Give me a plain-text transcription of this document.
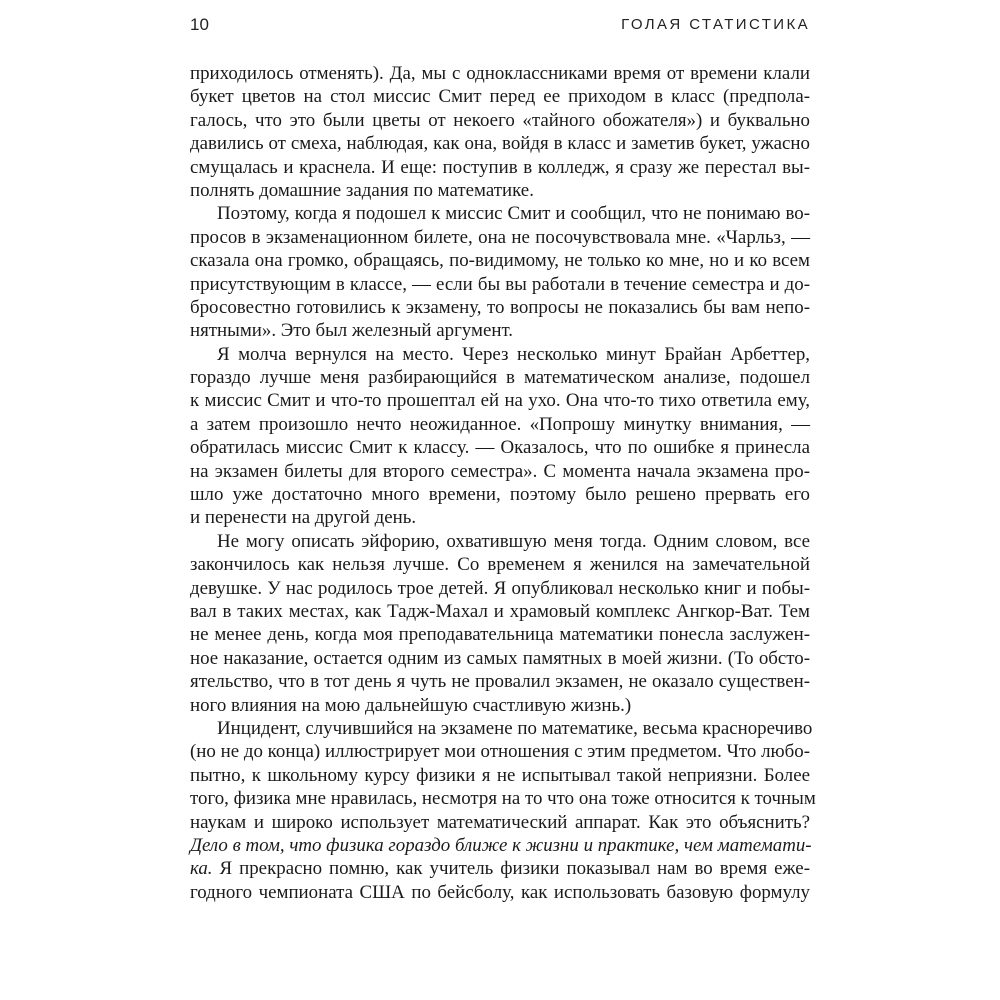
10	ГОЛАЯ СТАТИСТИКА
приходилось отменять). Да, мы с одноклассниками время от времени клали
букет цветов на стол миссис Смит перед ее приходом в класс (предпола-
галось, что это были цветы от некоего «тайного обожателя») и буквально
давились от смеха, наблюдая, как она, войдя в класс и заметив букет, ужасно
смущалась и краснела. И еще: поступив в колледж, я сразу же перестал вы-
полнять домашние задания по математике.
Поэтому, когда я подошел к миссис Смит и сообщил, что не понимаю во-
просов в экзаменационном билете, она не посочувствовала мне. «Чарльз, —
сказала она громко, обращаясь, по-видимому, не только ко мне, но и ко всем
присутствующим в классе, — если бы вы работали в течение семестра и до-
бросовестно готовились к экзамену, то вопросы не показались бы вам непо-
нятными». Это был железный аргумент.
Я молча вернулся на место. Через несколько минут Брайан Арбеттер,
гораздо лучше меня разбирающийся в математическом анализе, подошел
к миссис Смит и что-то прошептал ей на ухо. Она что-то тихо ответила ему,
а затем произошло нечто неожиданное. «Попрошу минутку внимания, —
обратилась миссис Смит к классу. — Оказалось, что по ошибке я принесла
на экзамен билеты для второго семестра». С момента начала экзамена про-
шло уже достаточно много времени, поэтому было решено прервать его
и перенести на другой день.
Не могу описать эйфорию, охватившую меня тогда. Одним словом, все
закончилось как нельзя лучше. Со временем я женился на замечательной
девушке. У нас родилось трое детей. Я опубликовал несколько книг и побы-
вал в таких местах, как Тадж-Махал и храмовый комплекс Ангкор-Ват. Тем
не менее день, когда моя преподавательница математики понесла заслужен-
ное наказание, остается одним из самых памятных в моей жизни. (То обсто-
ятельство, что в тот день я чуть не провалил экзамен, не оказало существен-
ного влияния на мою дальнейшую счастливую жизнь.)
Инцидент, случившийся на экзамене по математике, весьма красноречиво
(но не до конца) иллюстрирует мои отношения с этим предметом. Что любо-
пытно, к школьному курсу физики я не испытывал такой неприязни. Более
того, физика мне нравилась, несмотря на то что она тоже относится к точным
наукам и широко использует математический аппарат. Как это объяснить?
Дело в том, что физика гораздо ближе к жизни и практике, чем математи-
ка. Я прекрасно помню, как учитель физики показывал нам во время еже-
годного чемпионата США по бейсболу, как использовать базовую формулу
